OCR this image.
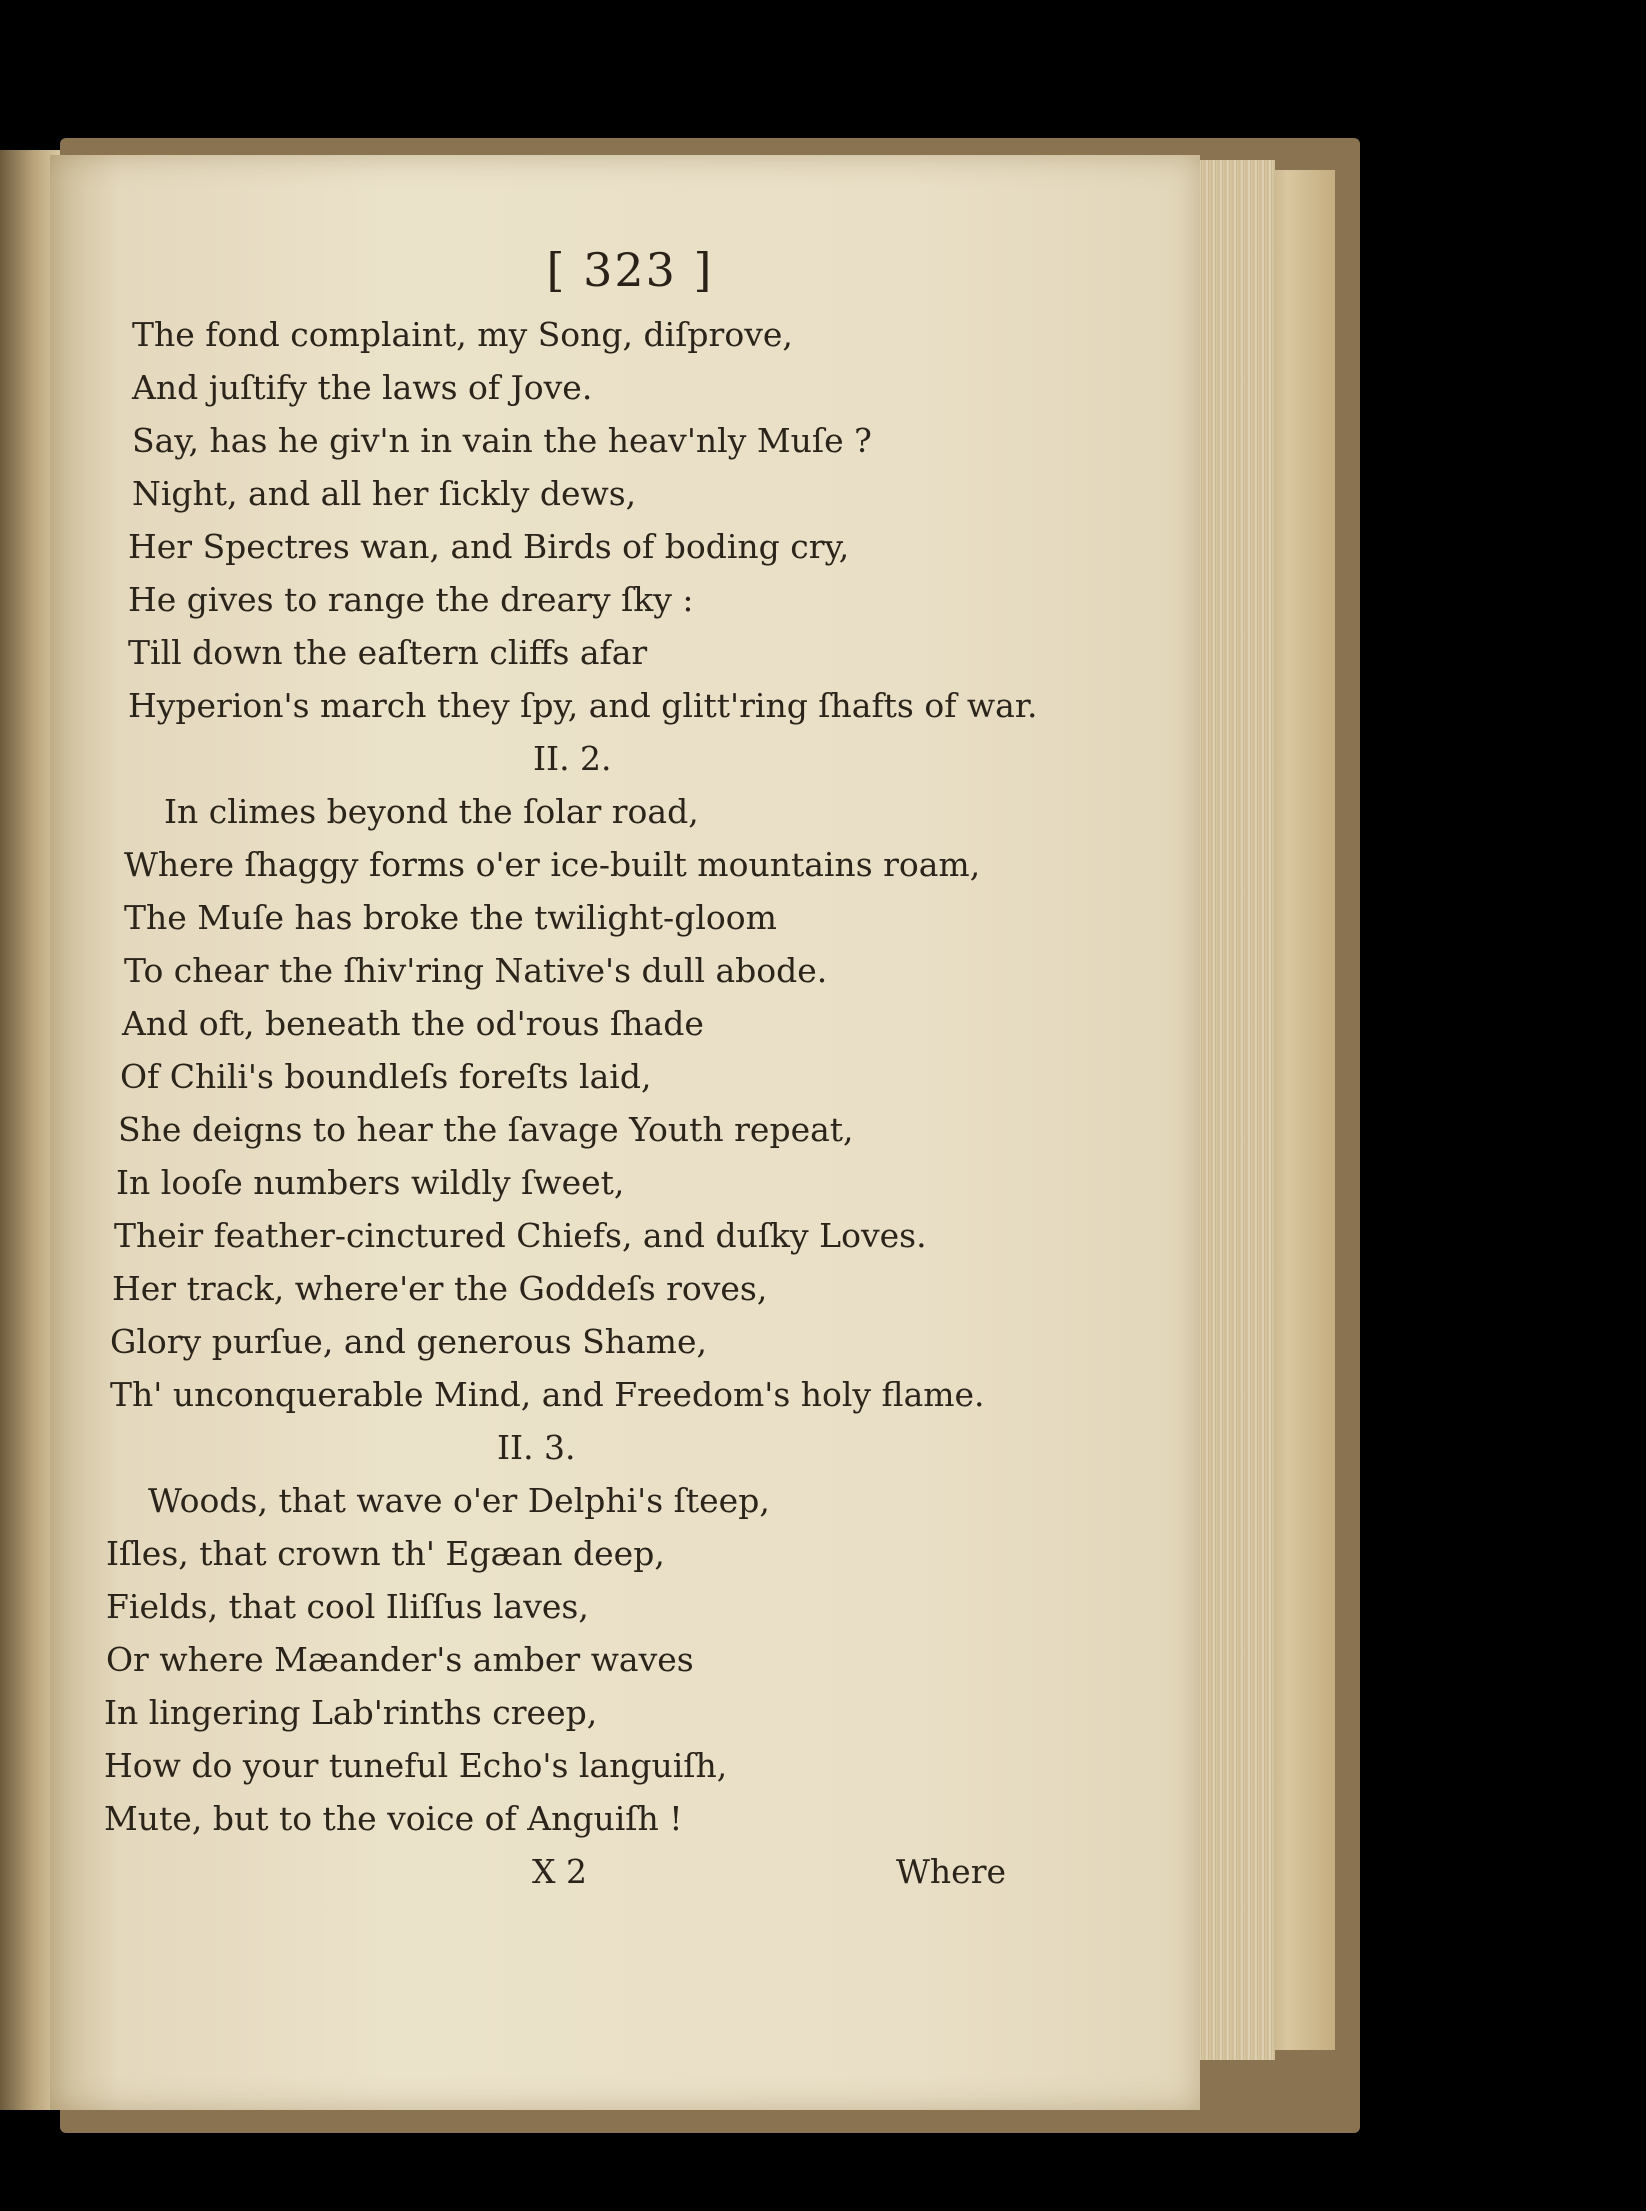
[ 323 ]
The fond complaint, my Song, diſprove,
And juſtify the laws of Jove.
Say, has he giv'n in vain the heav'nly Muſe ?
Night, and all her ſickly dews,
Her Spectres wan, and Birds of boding cry,
He gives to range the dreary ſky :
Till down the eaſtern cliffs afar
Hyperion's march they ſpy, and glitt'ring ſhafts of war.
II. 2.
In climes beyond the ſolar road,
Where ſhaggy forms o'er ice-built mountains roam,
The Muſe has broke the twilight-gloom
To chear the ſhiv'ring Native's dull abode.
And oft, beneath the od'rous ſhade
Of Chili's boundleſs foreſts laid,
She deigns to hear the ſavage Youth repeat,
In looſe numbers wildly ſweet,
Their feather-cinctured Chiefs, and duſky Loves.
Her track, where'er the Goddeſs roves,
Glory purſue, and generous Shame,
Th' unconquerable Mind, and Freedom's holy flame.
II. 3.
Woods, that wave o'er Delphi's ſteep,
Iſles, that crown th' Egæan deep,
Fields, that cool Iliſſus laves,
Or where Mæander's amber waves
In lingering Lab'rinths creep,
How do your tuneful Echo's languiſh,
Mute, but to the voice of Anguiſh !
X 2	Where
